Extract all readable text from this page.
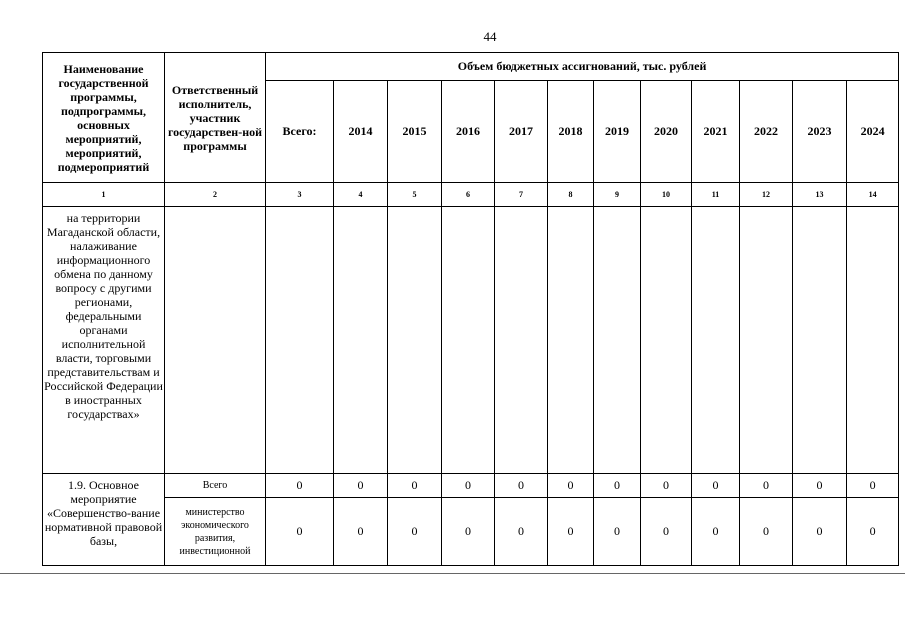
44
Наименование государственной программы, подпрограммы, основных мероприятий, мероприятий, подмероприятий	Ответственный исполнитель, участник государствен-ной программы	Объем бюджетных ассигнований, тыс. рублей											
		Всего:	2014	2015	2016	2017	2018	2019	2020	2021	2022	2023	2024
1	2	3	4	5	6	7	8	9	10	11	12	13	14
на территории Магаданской области, налаживание информационного обмена по данному вопросу с другими регионами, федеральными органами исполнительной власти, торговыми представительствам и Российской Федерации в иностранных государствах»													
1.9. Основное мероприятие «Совершенство-вание нормативной правовой базы,	Всего	0	0	0	0	0	0	0	0	0	0	0	0
	министерство экономического развития, инвестиционной	0	0	0	0	0	0	0	0	0	0	0	0
